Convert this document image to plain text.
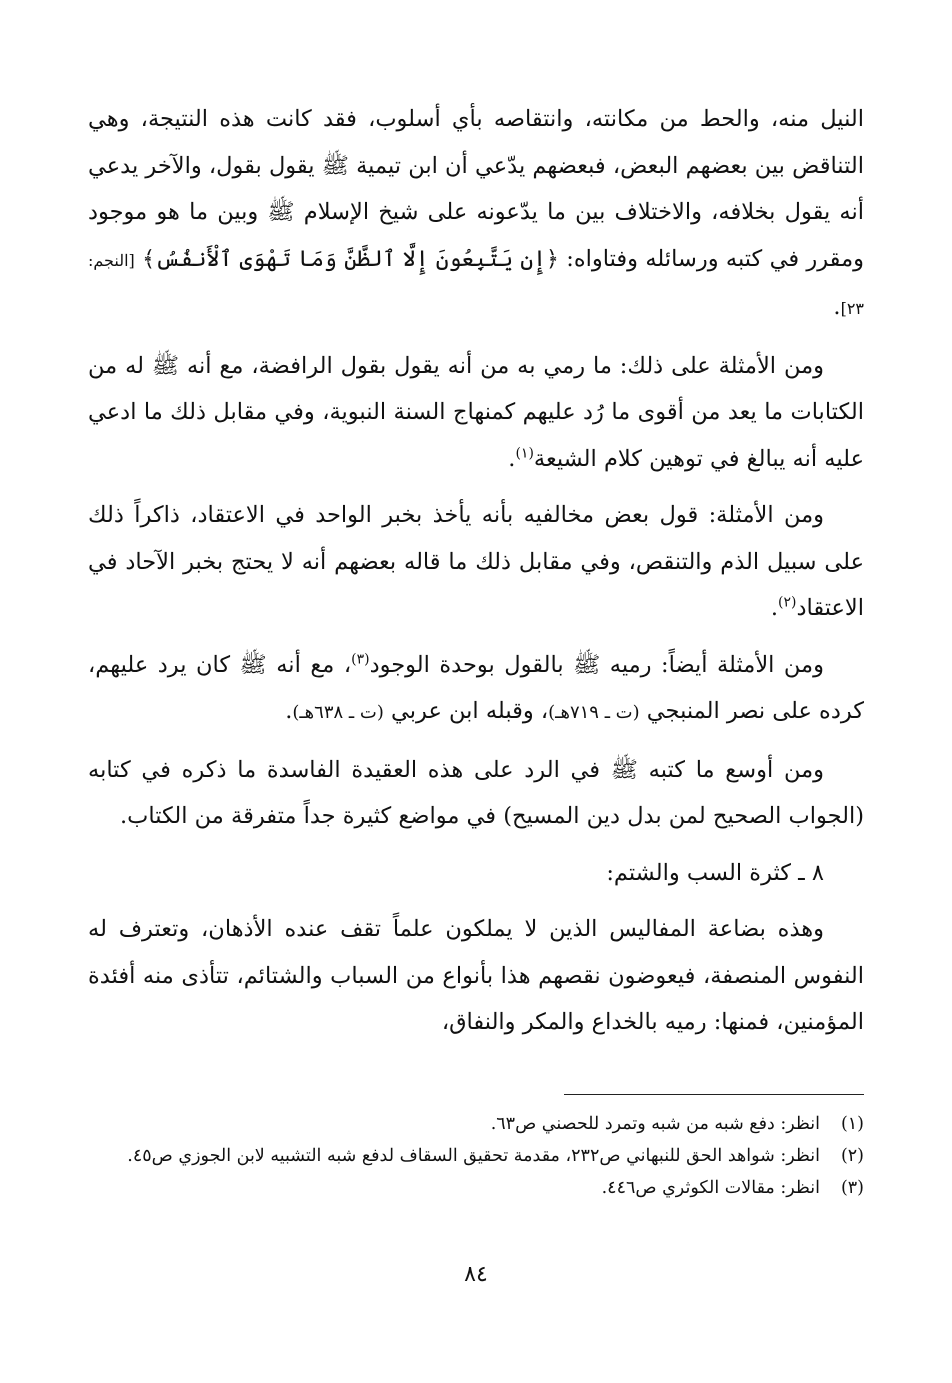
النيل منه، والحط من مكانته، وانتقاصه بأي أسلوب، فقد كانت هذه النتيجة، وهي التناقض بين بعضهم البعض، فبعضهم يدّعي أن ابن تيمية ﷺ يقول بقول، والآخر يدعي أنه يقول بخلافه، والاختلاف بين ما يدّعونه على شيخ الإسلام ﷺ وبين ما هو موجود ومقرر في كتبه ورسائله وفتاواه: ﴿إِن يَتَّبِعُونَ إِلَّا ٱلظَّنَّ وَمَا تَهْوَى ٱلْأَنفُسُ﴾ [النجم: ٢٣].

ومن الأمثلة على ذلك: ما رمي به من أنه يقول بقول الرافضة، مع أنه ﷺ له من الكتابات ما يعد من أقوى ما رُد عليهم كمنهاج السنة النبوية، وفي مقابل ذلك ما ادعي عليه أنه يبالغ في توهين كلام الشيعة$^{(١)}$.

ومن الأمثلة: قول بعض مخالفيه بأنه يأخذ بخبر الواحد في الاعتقاد، ذاكراً ذلك على سبيل الذم والتنقص، وفي مقابل ذلك ما قاله بعضهم أنه لا يحتج بخبر الآحاد في الاعتقاد$^{(٢)}$.

ومن الأمثلة أيضاً: رميه ﷺ بالقول بوحدة الوجود$^{(٣)}$، مع أنه ﷺ كان يرد عليهم، كرده على نصر المنبجي (ت ـ ٧١٩هـ)، وقبله ابن عربي (ت ـ ٦٣٨هـ).

ومن أوسع ما كتبه ﷺ في الرد على هذه العقيدة الفاسدة ما ذكره في كتابه (الجواب الصحيح لمن بدل دين المسيح) في مواضع كثيرة جداً متفرقة من الكتاب.

٨ ـ كثرة السب والشتم:

وهذه بضاعة المفاليس الذين لا يملكون علماً تقف عنده الأذهان، وتعترف له النفوس المنصفة، فيعوضون نقصهم هذا بأنواع من السباب والشتائم، تتأذى منه أفئدة المؤمنين، فمنها: رميه بالخداع والمكر والنفاق،

(١)
انظر: دفع شبه من شبه وتمرد للحصني ص٦٣.
(٢)
انظر: شواهد الحق للنبهاني ص٢٣٢، مقدمة تحقيق السقاف لدفع شبه التشبيه لابن الجوزي ص٤٥.
(٣)
انظر: مقالات الكوثري ص٤٤٦.
٨٤
